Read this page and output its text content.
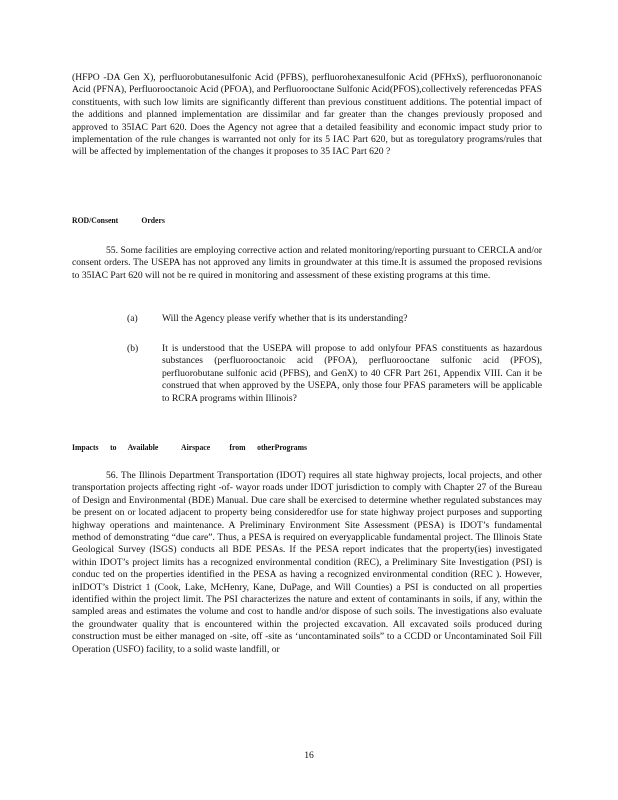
(HFPO -DA Gen X), perfluorobutanesulfonic Acid (PFBS), perfluorohexanesulfonic Acid (PFHxS), perfluorononanoic Acid (PFNA), Perfluorooctanoic Acid (PFOA), and Perfluorooctane Sulfonic Acid(PFOS),collectively referencedas PFAS constituents, with such low limits are significantly different than previous constituent additions. The potential impact of the additions and planned implementation are dissimilar and far greater than the changes previously proposed and approved to 35IAC Part 620. Does the Agency not agree that a detailed feasibility and economic impact study prior to implementation of the rule changes is warranted not only for its 5 IAC Part 620, but as toregulatory programs/rules that will be affected by implementation of the changes it proposes to 35 IAC Part 620 ?

ROD/Consent	Orders

55. Some facilities are employing corrective action and related monitoring/reporting pursuant to CERCLA and/or consent orders. The USEPA has not approved any limits in groundwater at this time.It is assumed the proposed revisions to 35IAC Part 620 will not be re quired in monitoring and assessment of these existing programs at this time.

(a)	Will the Agency please verify whether that is its understanding?

(b) It is understood that the USEPA will propose to add onlyfour PFAS constituents as hazardous substances (perfluorooctanoic acid (PFOA), perfluorooctane sulfonic acid (PFOS), perfluorobutane sulfonic acid (PFBS), and GenX) to 40 CFR Part 261, Appendix VIII. Can it be construed that when approved by the USEPA, only those four PFAS parameters will be applicable to RCRA programs within Illinois?

Impacts to Available	Airspace from otherPrograms

56. The Illinois Department Transportation (IDOT) requires all state highway projects, local projects, and other transportation projects affecting right -of- wayor roads under IDOT jurisdiction to comply with Chapter 27 of the Bureau of Design and Environmental (BDE) Manual. Due care shall be exercised to determine whether regulated substances may be present on or located adjacent to property being consideredfor use for state highway project purposes and supporting highway operations and maintenance. A Preliminary Environment Site Assessment (PESA) is IDOT’s fundamental method of demonstrating “due care”. Thus, a PESA is required on everyapplicable fundamental project. The Illinois State Geological Survey (ISGS) conducts all BDE PESAs. If the PESA report indicates that the property(ies) investigated within IDOT’s project limits has a recognized environmental condition (REC), a Preliminary Site Investigation (PSI) is conduc ted on the properties identified in the PESA as having a recognized environmental condition (REC ). However, inIDOT’s District 1 (Cook, Lake, McHenry, Kane, DuPage, and Will Counties) a PSI is conducted on all properties identified within the project limit. The PSI characterizes the nature and extent of contaminants in soils, if any, within the sampled areas and estimates the volume and cost to handle and/or dispose of such soils. The investigations also evaluate the groundwater quality that is encountered within the projected excavation. All excavated soils produced during construction must be either managed on -site, off -site as ‘uncontaminated soils” to a CCDD or Uncontaminated Soil Fill Operation (USFO) facility, to a solid waste landfill, or

16
